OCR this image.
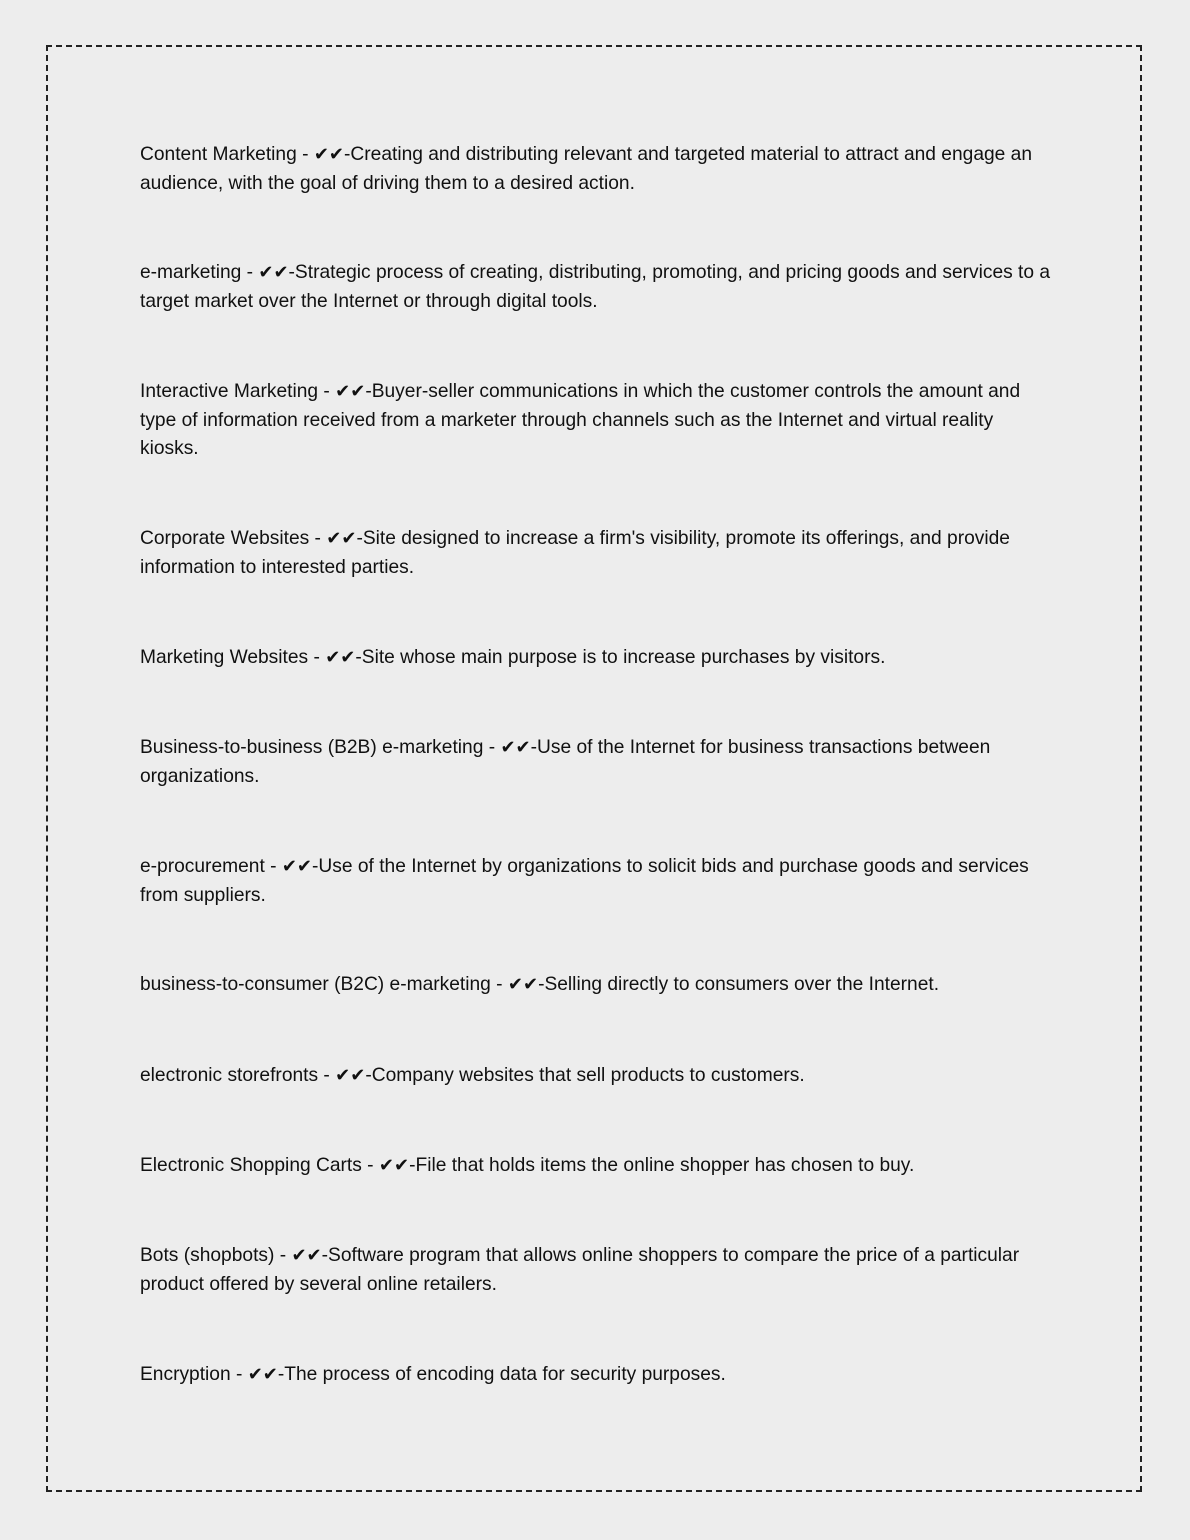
Content Marketing - ✔✔-Creating and distributing relevant and targeted material to attract and engage an audience, with the goal of driving them to a desired action.
e-marketing - ✔✔-Strategic process of creating, distributing, promoting, and pricing goods and services to a target market over the Internet or through digital tools.
Interactive Marketing - ✔✔-Buyer-seller communications in which the customer controls the amount and type of information received from a marketer through channels such as the Internet and virtual reality kiosks.
Corporate Websites - ✔✔-Site designed to increase a firm's visibility, promote its offerings, and provide information to interested parties.
Marketing Websites - ✔✔-Site whose main purpose is to increase purchases by visitors.
Business-to-business (B2B) e-marketing - ✔✔-Use of the Internet for business transactions between organizations.
e-procurement - ✔✔-Use of the Internet by organizations to solicit bids and purchase goods and services from suppliers.
business-to-consumer (B2C) e-marketing - ✔✔-Selling directly to consumers over the Internet.
electronic storefronts - ✔✔-Company websites that sell products to customers.
Electronic Shopping Carts - ✔✔-File that holds items the online shopper has chosen to buy.
Bots (shopbots) - ✔✔-Software program that allows online shoppers to compare the price of a particular product offered by several online retailers.
Encryption - ✔✔-The process of encoding data for security purposes.
